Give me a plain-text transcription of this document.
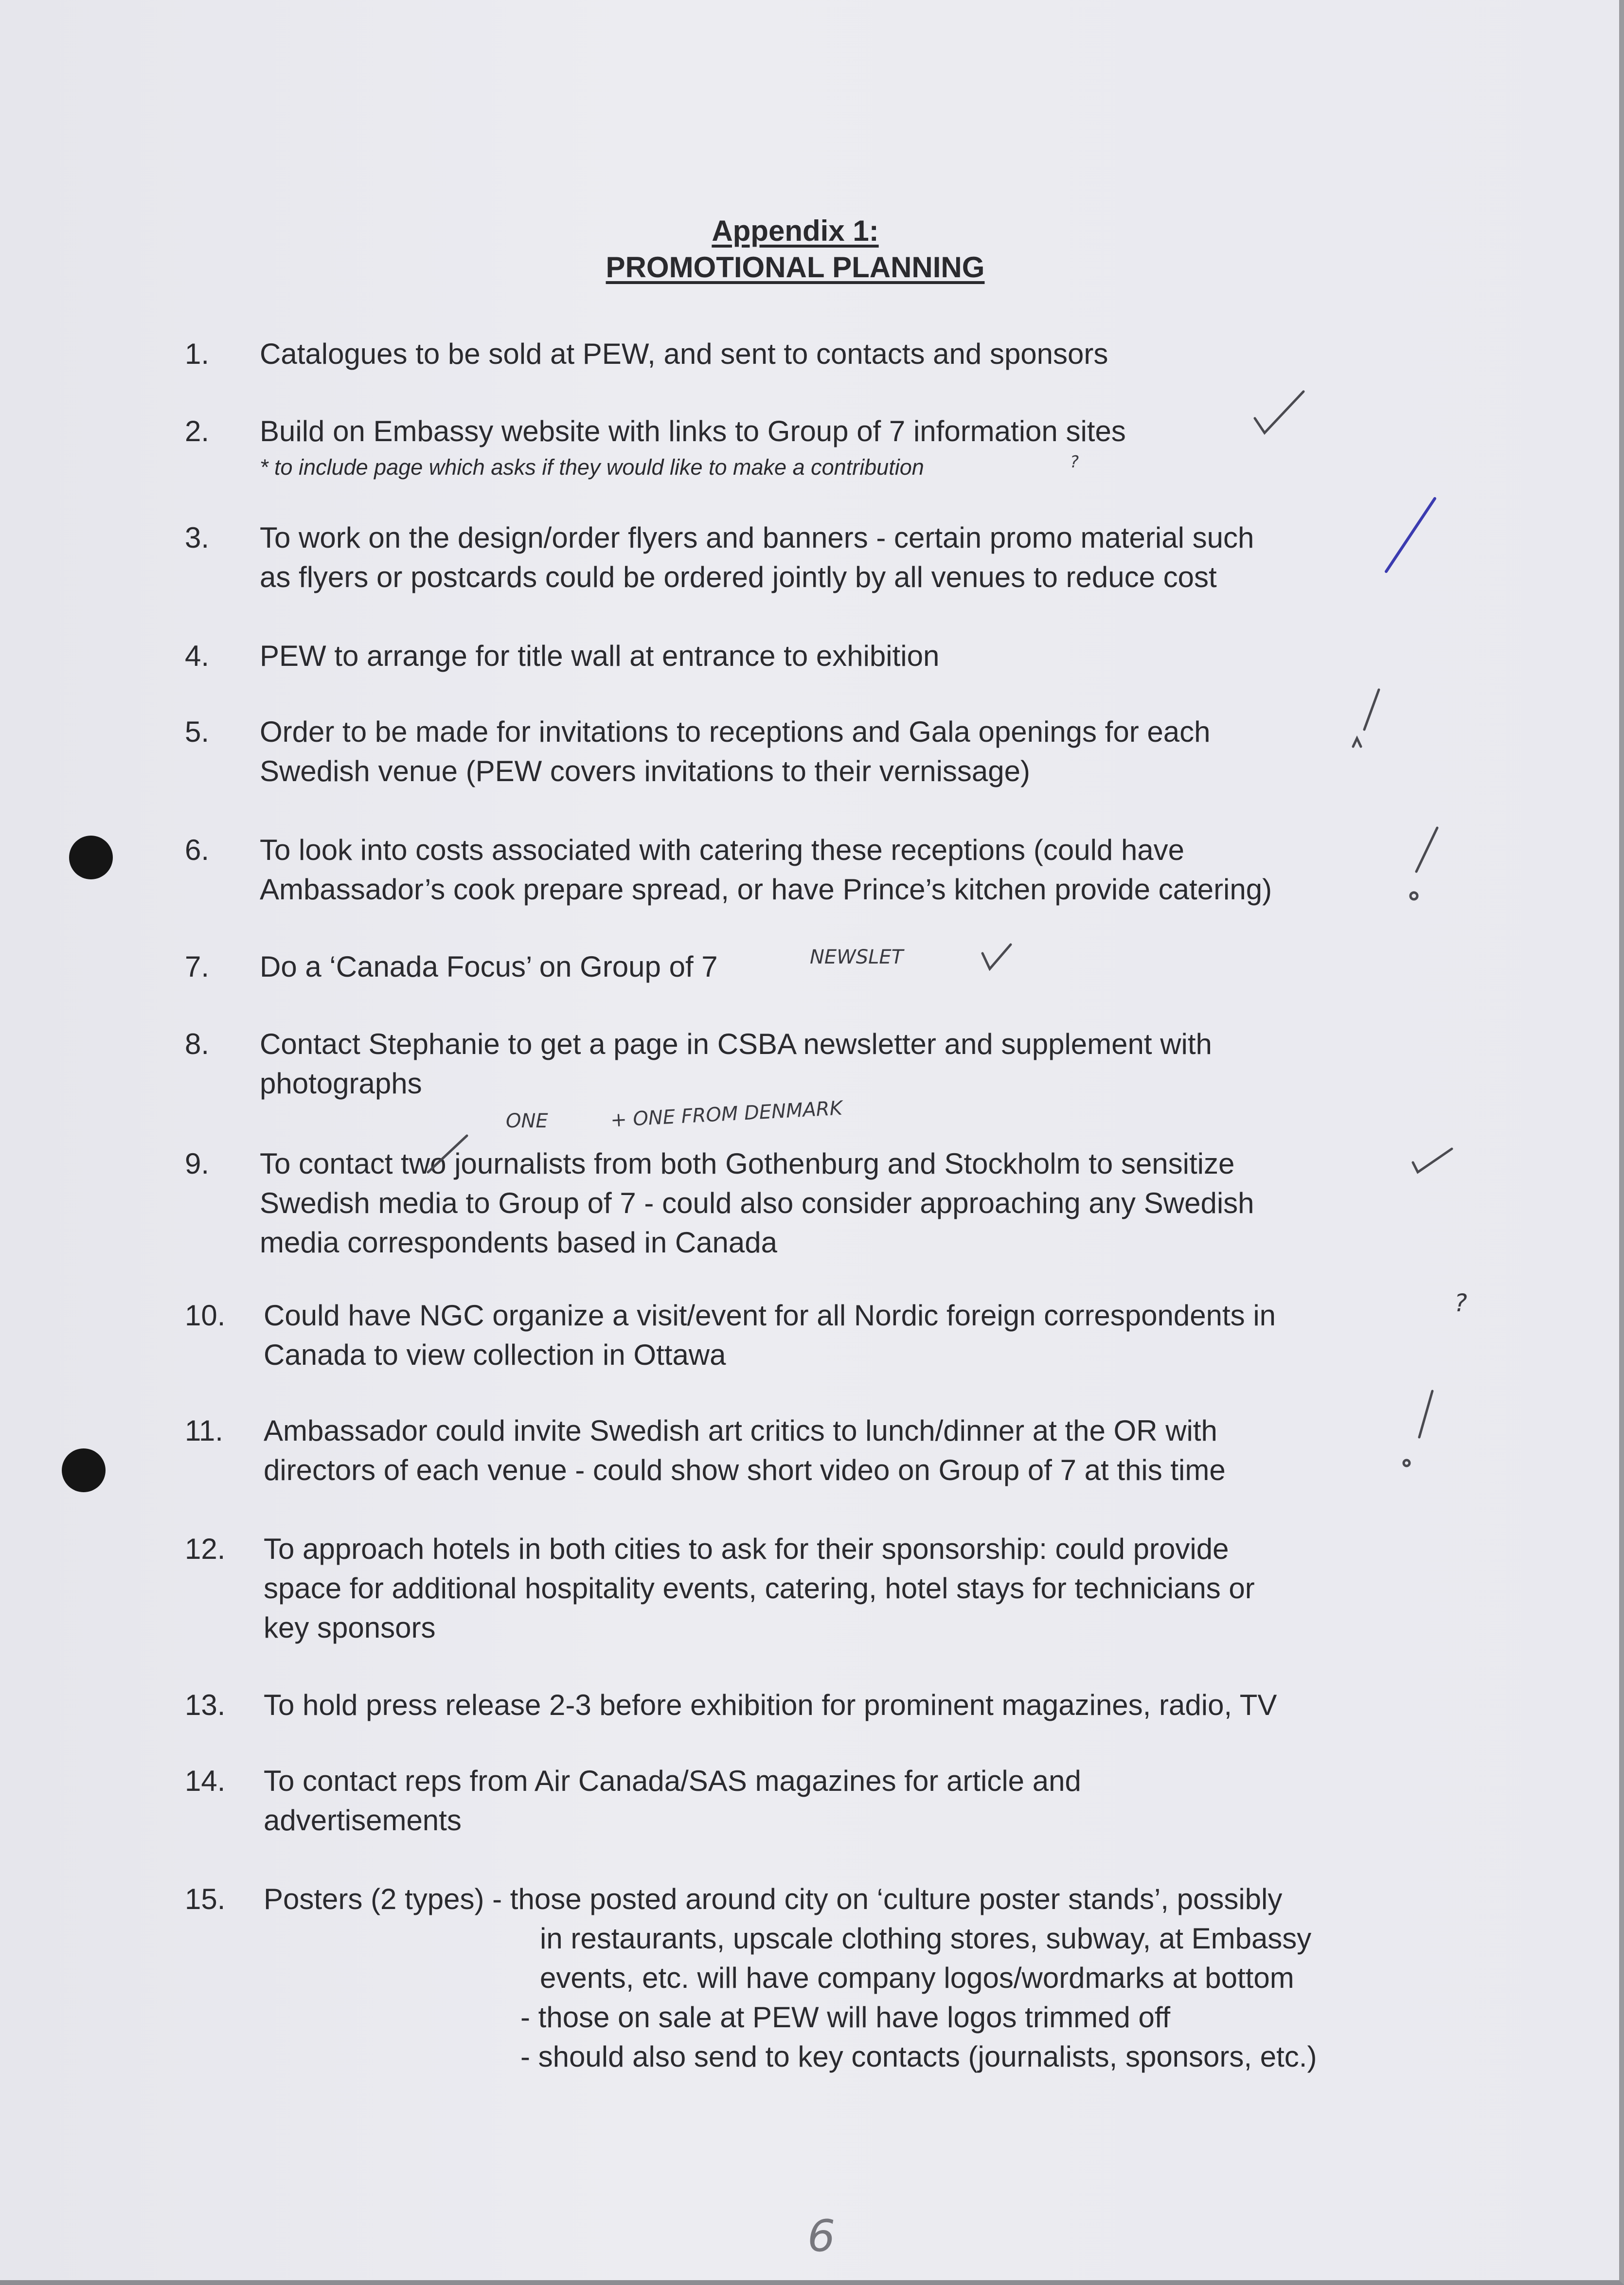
Appendix 1:
PROMOTIONAL PLANNING
1.	Catalogues to be sold at PEW, and sent to contacts and sponsors
2.	Build on Embassy website with links to Group of 7 information sites
3.	To work on the design/order flyers and banners - certain promo material such
as flyers or postcards could be ordered jointly by all venues to reduce cost
4.	PEW to arrange for title wall at entrance to exhibition
5.	Order to be made for invitations to receptions and Gala openings for each
Swedish venue (PEW covers invitations to their vernissage)
6.	To look into costs associated with catering these receptions (could have
Ambassador’s cook prepare spread, or have Prince’s kitchen provide catering)
7.	Do a ‘Canada Focus’ on Group of 7
8.	Contact Stephanie to get a page in CSBA newsletter and supplement with
photographs
9.	To contact two journalists from both Gothenburg and Stockholm to sensitize
Swedish media to Group of 7 - could also consider approaching any Swedish
media correspondents based in Canada
10.	Could have NGC organize a visit/event for all Nordic foreign correspondents in
Canada to view collection in Ottawa
11.	Ambassador could invite Swedish art critics to lunch/dinner at the OR with
directors of each venue - could show short video on Group of 7 at this time
12.	To approach hotels in both cities to ask for their sponsorship: could provide
space for additional hospitality events, catering, hotel stays for technicians or
key sponsors
13.	To hold press release 2-3 before exhibition for prominent magazines, radio, TV
14.	To contact reps from Air Canada/SAS magazines for article and
advertisements
15.	Posters (2 types) - those posted around city on ‘culture poster stands’, possibly
in restaurants, upscale clothing stores, subway, at Embassy
events, etc. will have company logos/wordmarks at bottom
- those on sale at PEW will have logos trimmed off
- should also send to key contacts (journalists, sponsors, etc.)
* to include page which asks if they would like to make a contribution	?
NEWSLET
ONE	+ ONE FROM DENMARK
?
6
